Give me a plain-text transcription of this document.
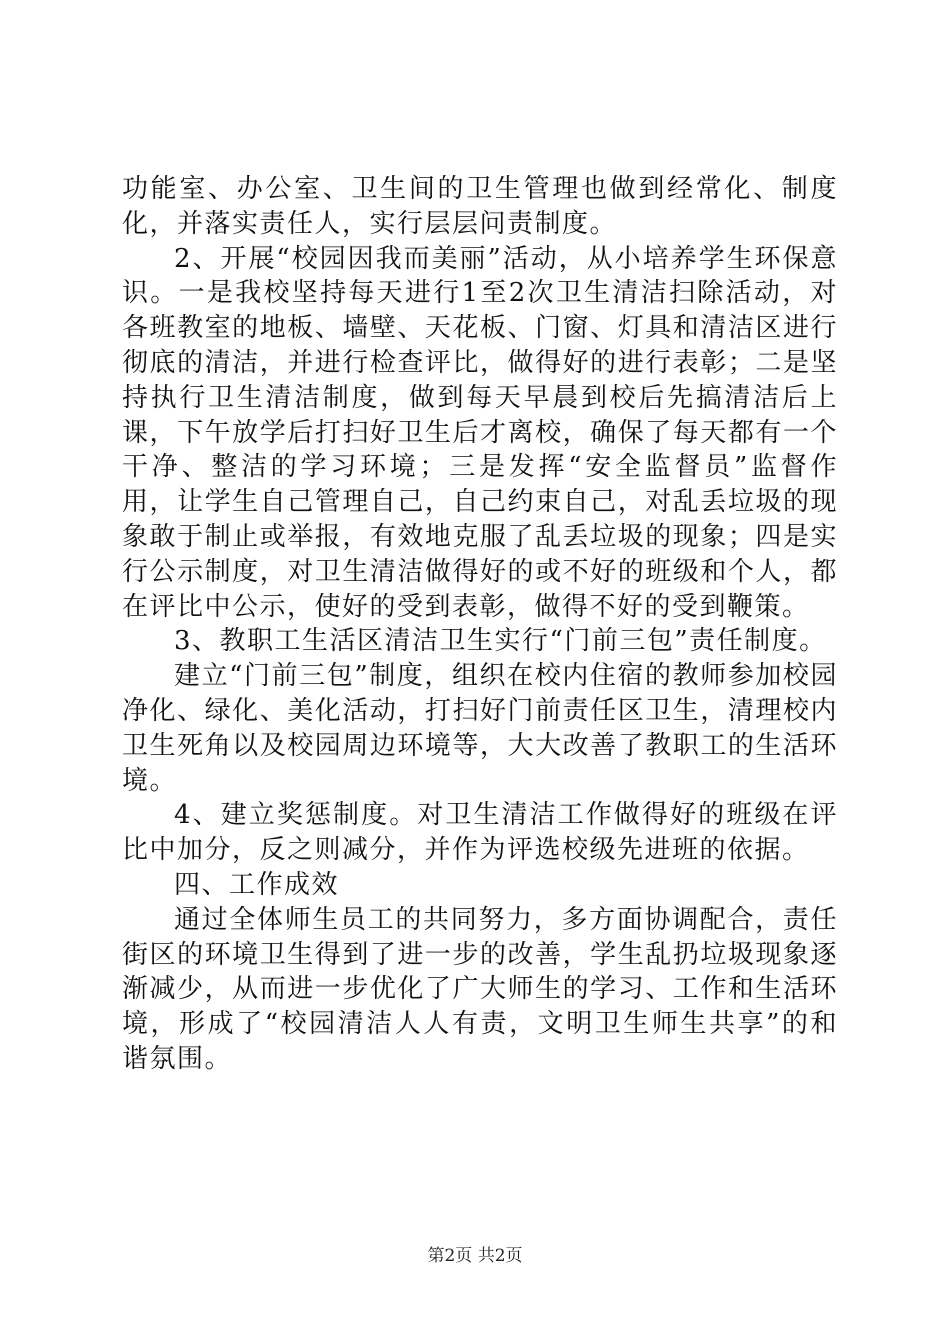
功能室、办公室、卫生间的卫生管理也做到经常化、制度化，并落实责任人，实行层层问责制度。

2、开展“校园因我而美丽”活动，从小培养学生环保意识。一是我校坚持每天进行1至2次卫生清洁扫除活动，对各班教室的地板、墙壁、天花板、门窗、灯具和清洁区进行彻底的清洁，并进行检查评比，做得好的进行表彰；二是坚持执行卫生清洁制度，做到每天早晨到校后先搞清洁后上课，下午放学后打扫好卫生后才离校，确保了每天都有一个干净、整洁的学习环境；三是发挥“安全监督员”监督作用，让学生自己管理自己，自己约束自己，对乱丢垃圾的现象敢于制止或举报，有效地克服了乱丢垃圾的现象；四是实行公示制度，对卫生清洁做得好的或不好的班级和个人，都在评比中公示，使好的受到表彰，做得不好的受到鞭策。

3、教职工生活区清洁卫生实行“门前三包”责任制度。

建立“门前三包”制度，组织在校内住宿的教师参加校园净化、绿化、美化活动，打扫好门前责任区卫生，清理校内卫生死角以及校园周边环境等，大大改善了教职工的生活环境。

4、建立奖惩制度。对卫生清洁工作做得好的班级在评比中加分，反之则减分，并作为评选校级先进班的依据。

四、工作成效

通过全体师生员工的共同努力，多方面协调配合，责任街区的环境卫生得到了进一步的改善，学生乱扔垃圾现象逐渐减少，从而进一步优化了广大师生的学习、工作和生活环境，形成了“校园清洁人人有责，文明卫生师生共享”的和谐氛围。

第2页 共2页
